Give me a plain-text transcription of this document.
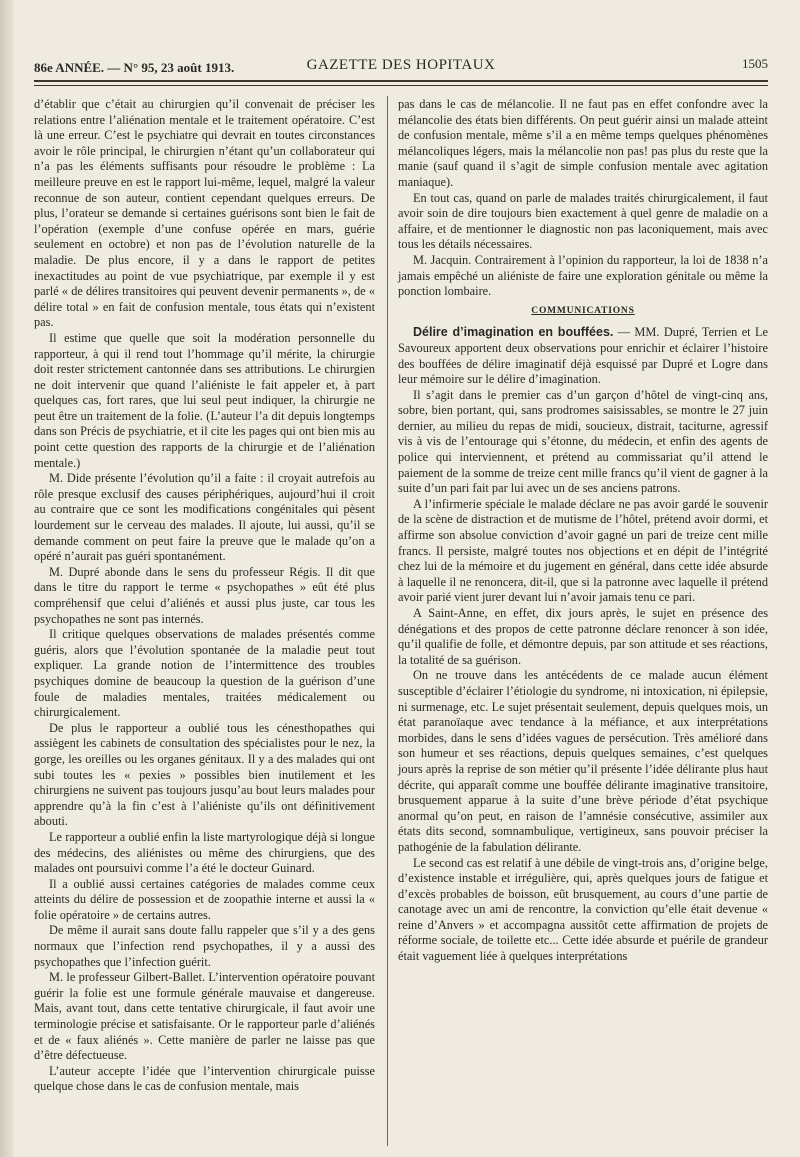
86e ANNÉE. — N° 95, 23 août 1913.	GAZETTE DES HOPITAUX	1505

d’établir que c’était au chirurgien qu’il convenait de préciser les relations entre l’aliénation mentale et le traitement opératoire. C’est là une erreur. C’est le psychiatre qui devrait en toutes circonstances avoir le rôle principal, le chirurgien n’étant qu’un collaborateur qui n’a pas les éléments suffisants pour résoudre le problème : La meilleure preuve en est le rapport lui-même, lequel, malgré la valeur reconnue de son auteur, contient cependant quelques erreurs. De plus, l’orateur se demande si certaines guérisons sont bien le fait de l’opération (exemple d’une confuse opérée en mars, guérie seulement en octobre) et non pas de l’évolution naturelle de la maladie. De plus encore, il y a dans le rapport de petites inexactitudes au point de vue psychiatrique, par exemple il y est parlé « de délires transitoires qui peuvent devenir permanents », de « délire total » en fait de confusion mentale, tous états qui n’existent pas.

Il estime que quelle que soit la modération personnelle du rapporteur, à qui il rend tout l’hommage qu’il mérite, la chirurgie doit rester strictement cantonnée dans ses attributions. Le chirurgien ne doit intervenir que quand l’aliéniste le fait appeler et, à part quelques cas, fort rares, que lui seul peut indiquer, la chirurgie ne peut être un traitement de la folie. (L’auteur l’a dit depuis longtemps dans son Précis de psychiatrie, et il cite les pages qui ont bien mis au point cette question des rapports de la chirurgie et de l’aliénation mentale.)

M. Dide présente l’évolution qu’il a faite : il croyait autrefois au rôle presque exclusif des causes périphériques, aujourd’hui il croit au contraire que ce sont les modifications congénitales qui pèsent lourdement sur le cerveau des malades. Il ajoute, lui aussi, qu’il se demande comment on peut faire la preuve que le malade qu’on a opéré n’aurait pas guéri spontanément.

M. Dupré abonde dans le sens du professeur Régis. Il dit que dans le titre du rapport le terme « psychopathes » eût été plus compréhensif que celui d’aliénés et aussi plus juste, car tous les psychopathes ne sont pas internés.

Il critique quelques observations de malades présentés comme guéris, alors que l’évolution spontanée de la maladie peut tout expliquer. La grande notion de l’intermittence des troubles psychiques domine de beaucoup la question de la guérison d’une foule de maladies mentales, traitées médicalement ou chirurgicalement.

De plus le rapporteur a oublié tous les cénesthopathes qui assiègent les cabinets de consultation des spécialistes pour le nez, la gorge, les oreilles ou les organes génitaux. Il y a des malades qui ont subi toutes les « pexies » possibles bien inutilement et les chirurgiens ne suivent pas toujours jusqu’au bout leurs malades pour apprendre qu’à la fin c’est à l’aliéniste qu’ils ont définitivement abouti.

Le rapporteur a oublié enfin la liste martyrologique déjà si longue des médecins, des aliénistes ou même des chirurgiens, que des malades ont poursuivi comme l’a été le docteur Guinard.

Il a oublié aussi certaines catégories de malades comme ceux atteints du délire de possession et de zoopathie interne et aussi la « folie opératoire » de certains autres.

De même il aurait sans doute fallu rappeler que s’il y a des gens normaux que l’infection rend psychopathes, il y a aussi des psychopathes que l’infection guérit.

M. le professeur Gilbert-Ballet. L’intervention opératoire pouvant guérir la folie est une formule générale mauvaise et dangereuse. Mais, avant tout, dans cette tentative chirurgicale, il faut avoir une terminologie précise et satisfaisante. Or le rapporteur parle d’aliénés et de « faux aliénés ». Cette manière de parler ne laisse pas que d’être défectueuse.

L’auteur accepte l’idée que l’intervention chirurgicale puisse quelque chose dans le cas de confusion mentale, mais

pas dans le cas de mélancolie. Il ne faut pas en effet confondre avec la mélancolie des états bien différents. On peut guérir ainsi un malade atteint de confusion mentale, même s’il a en même temps quelques phénomènes mélancoliques légers, mais la mélancolie non pas! pas plus du reste que la manie (sauf quand il s’agit de simple confusion mentale avec agitation maniaque).

En tout cas, quand on parle de malades traités chirurgicalement, il faut avoir soin de dire toujours bien exactement à quel genre de maladie on a affaire, et de mentionner le diagnostic non pas laconiquement, mais avec tous les détails nécessaires.

M. Jacquin. Contrairement à l’opinion du rapporteur, la loi de 1838 n’a jamais empêché un aliéniste de faire une exploration génitale ou même la ponction lombaire.

COMMUNICATIONS

Délire d’imagination en bouffées. — MM. Dupré, Terrien et Le Savoureux apportent deux observations pour enrichir et éclairer l’histoire des bouffées de délire imaginatif déjà esquissé par Dupré et Logre dans leur mémoire sur le délire d’imagination.

Il s’agit dans le premier cas d’un garçon d’hôtel de vingt-cinq ans, sobre, bien portant, qui, sans prodromes saisissables, se montre le 27 juin dernier, au milieu du repas de midi, soucieux, distrait, taciturne, agressif vis à vis de l’entourage qui s’étonne, du médecin, et enfin des agents de police qui interviennent, et prétend au commissariat qu’il attend le paiement de la somme de treize cent mille francs qu’il vient de gagner à la suite d’un pari fait par lui avec un de ses anciens patrons.

A l’infirmerie spéciale le malade déclare ne pas avoir gardé le souvenir de la scène de distraction et de mutisme de l’hôtel, prétend avoir dormi, et affirme son absolue conviction d’avoir gagné un pari de treize cent mille francs. Il persiste, malgré toutes nos objections et en dépit de l’intégrité chez lui de la mémoire et du jugement en général, dans cette idée absurde à laquelle il ne renoncera, dit-il, que si la patronne avec laquelle il prétend avoir parié vient jurer devant lui n’avoir jamais tenu ce pari.

A Saint-Anne, en effet, dix jours après, le sujet en présence des dénégations et des propos de cette patronne déclare renoncer à son idée, qu’il qualifie de folle, et démontre depuis, par son attitude et ses réactions, la totalité de sa guérison.

On ne trouve dans les antécédents de ce malade aucun élément susceptible d’éclairer l’étiologie du syndrome, ni intoxication, ni épilepsie, ni surmenage, etc. Le sujet présentait seulement, depuis quelques mois, un état paranoïaque avec tendance à la méfiance, et aux interprétations morbides, dans le sens d’idées vagues de persécution. Très amélioré dans son humeur et ses réactions, depuis quelques semaines, c’est quelques jours après la reprise de son métier qu’il présente l’idée délirante plus haut décrite, qui apparaît comme une bouffée délirante imaginative transitoire, brusquement apparue à la suite d’une brève période d’état psychique anormal qu’on peut, en raison de l’amnésie consécutive, assimiler aux états dits second, somnambulique, vertigineux, sans pouvoir préciser la pathogénie de la fabulation délirante.

Le second cas est relatif à une débile de vingt-trois ans, d’origine belge, d’existence instable et irrégulière, qui, après quelques jours de fatigue et d’excès probables de boisson, eût brusquement, au cours d’une partie de canotage avec un ami de rencontre, la conviction qu’elle était devenue « reine d’Anvers » et accompagna aussitôt cette affirmation de projets de réforme sociale, de toilette etc... Cette idée absurde et puérile de grandeur était vaguement liée à quelques interprétations
